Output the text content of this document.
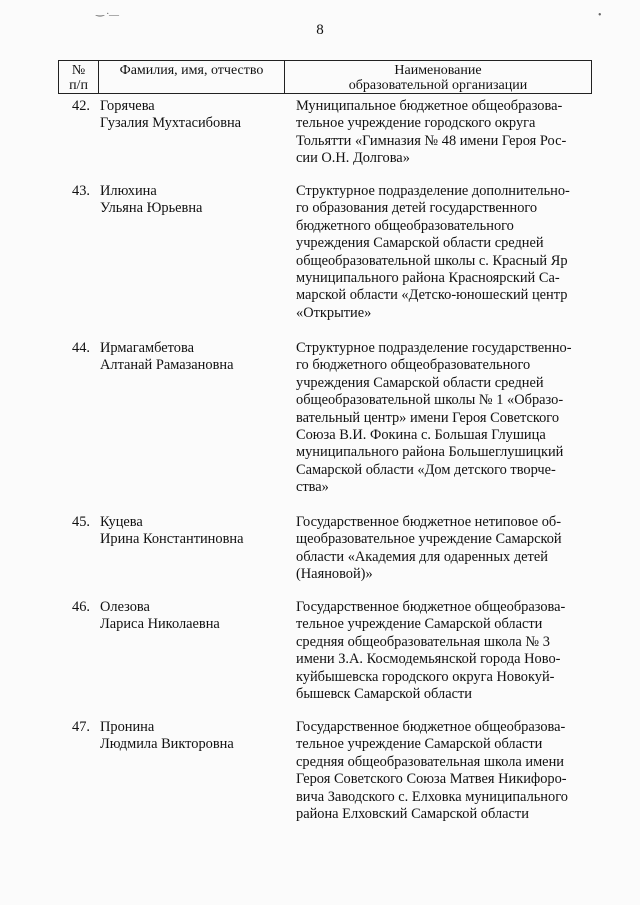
8
‿ .__	•
№
п/п
Фамилия, имя, отчество	Наименование
образовательной организации
42. Горячева
Гузалия Мухтасибовна
Муниципальное бюджетное общеобразова-
тельное учреждение городского округа
Тольятти «Гимназия № 48 имени Героя Рос-
сии О.Н. Долгова»
43. Илюхина
Ульяна Юрьевна
Структурное подразделение дополнительно-
го образования детей государственного
бюджетного общеобразовательного
учреждения Самарской области средней
общеобразовательной школы с. Красный Яр
муниципального района Красноярский Са-
марской области «Детско-юношеский центр
«Открытие»
44. Ирмагамбетова
Алтанай Рамазановна
Структурное подразделение государственно-
го бюджетного общеобразовательного
учреждения Самарской области средней
общеобразовательной школы № 1 «Образо-
вательный центр» имени Героя Советского
Союза В.И. Фокина с. Большая Глушица
муниципального района Большеглушицкий
Самарской области «Дом детского творче-
ства»
45. Куцева
Ирина Константиновна
Государственное бюджетное нетиповое об-
щеобразовательное учреждение Самарской
области «Академия для одаренных детей
(Наяновой)»
46. Олезова
Лариса Николаевна
Государственное бюджетное общеобразова-
тельное учреждение Самарской области
средняя общеобразовательная школа № 3
имени З.А. Космодемьянской города Ново-
куйбышевска городского округа Новокуй-
бышевск Самарской области
47. Пронина
Людмила Викторовна
Государственное бюджетное общеобразова-
тельное учреждение Самарской области
средняя общеобразовательная школа имени
Героя Советского Союза Матвея Никифоро-
вича Заводского с. Елховка муниципального
района Елховский Самарской области
